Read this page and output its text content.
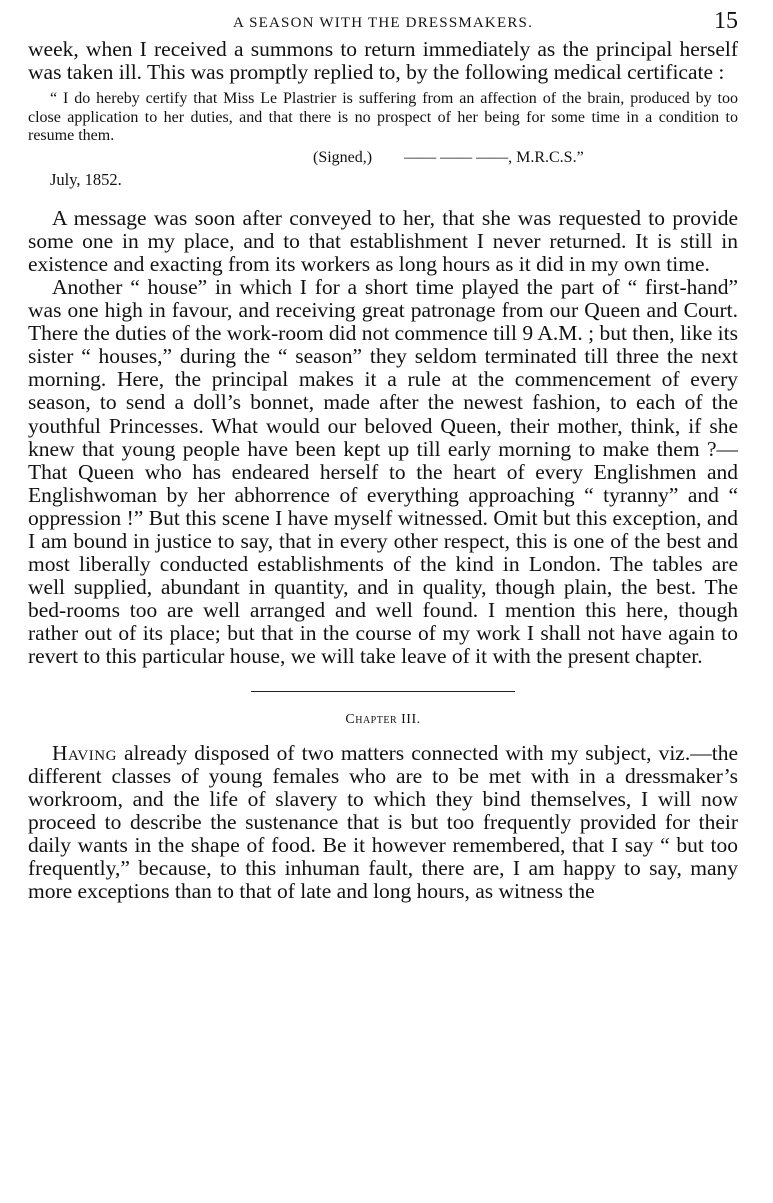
A SEASON WITH THE DRESSMAKERS.	15

week, when I received a summons to return immediately as the principal herself was taken ill. This was promptly replied to, by the following medical certificate :

“ I do hereby certify that Miss Le Plastrier is suffering from an affection of the brain, produced by too close application to her duties, and that there is no prospect of her being for some time in a condition to resume them.

(Signed,)  —— —— ——, M.R.C.S.”

July, 1852.

A message was soon after conveyed to her, that she was requested to provide some one in my place, and to that establishment I never returned. It is still in existence and exacting from its workers as long hours as it did in my own time.

Another “ house” in which I for a short time played the part of “ first-hand” was one high in favour, and receiving great patronage from our Queen and Court. There the duties of the work-room did not commence till 9 A.M. ; but then, like its sister “ houses,” during the “ season” they seldom terminated till three the next morning. Here, the principal makes it a rule at the commencement of every season, to send a doll’s bonnet, made after the newest fashion, to each of the youthful Princesses. What would our beloved Queen, their mother, think, if she knew that young people have been kept up till early morning to make them ?—That Queen who has endeared herself to the heart of every Englishmen and Englishwoman by her abhorrence of everything approaching “ tyranny” and “ oppression !” But this scene I have myself witnessed. Omit but this exception, and I am bound in justice to say, that in every other respect, this is one of the best and most liberally conducted establishments of the kind in London. The tables are well supplied, abundant in quantity, and in quality, though plain, the best. The bed-rooms too are well arranged and well found. I mention this here, though rather out of its place; but that in the course of my work I shall not have again to revert to this particular house, we will take leave of it with the present chapter.

Chapter III.

Having already disposed of two matters connected with my subject, viz.—the different classes of young females who are to be met with in a dressmaker’s workroom, and the life of slavery to which they bind themselves, I will now proceed to describe the sustenance that is but too frequently provided for their daily wants in the shape of food. Be it however remembered, that I say “ but too frequently,” because, to this inhuman fault, there are, I am happy to say, many more exceptions than to that of late and long hours, as witness the
